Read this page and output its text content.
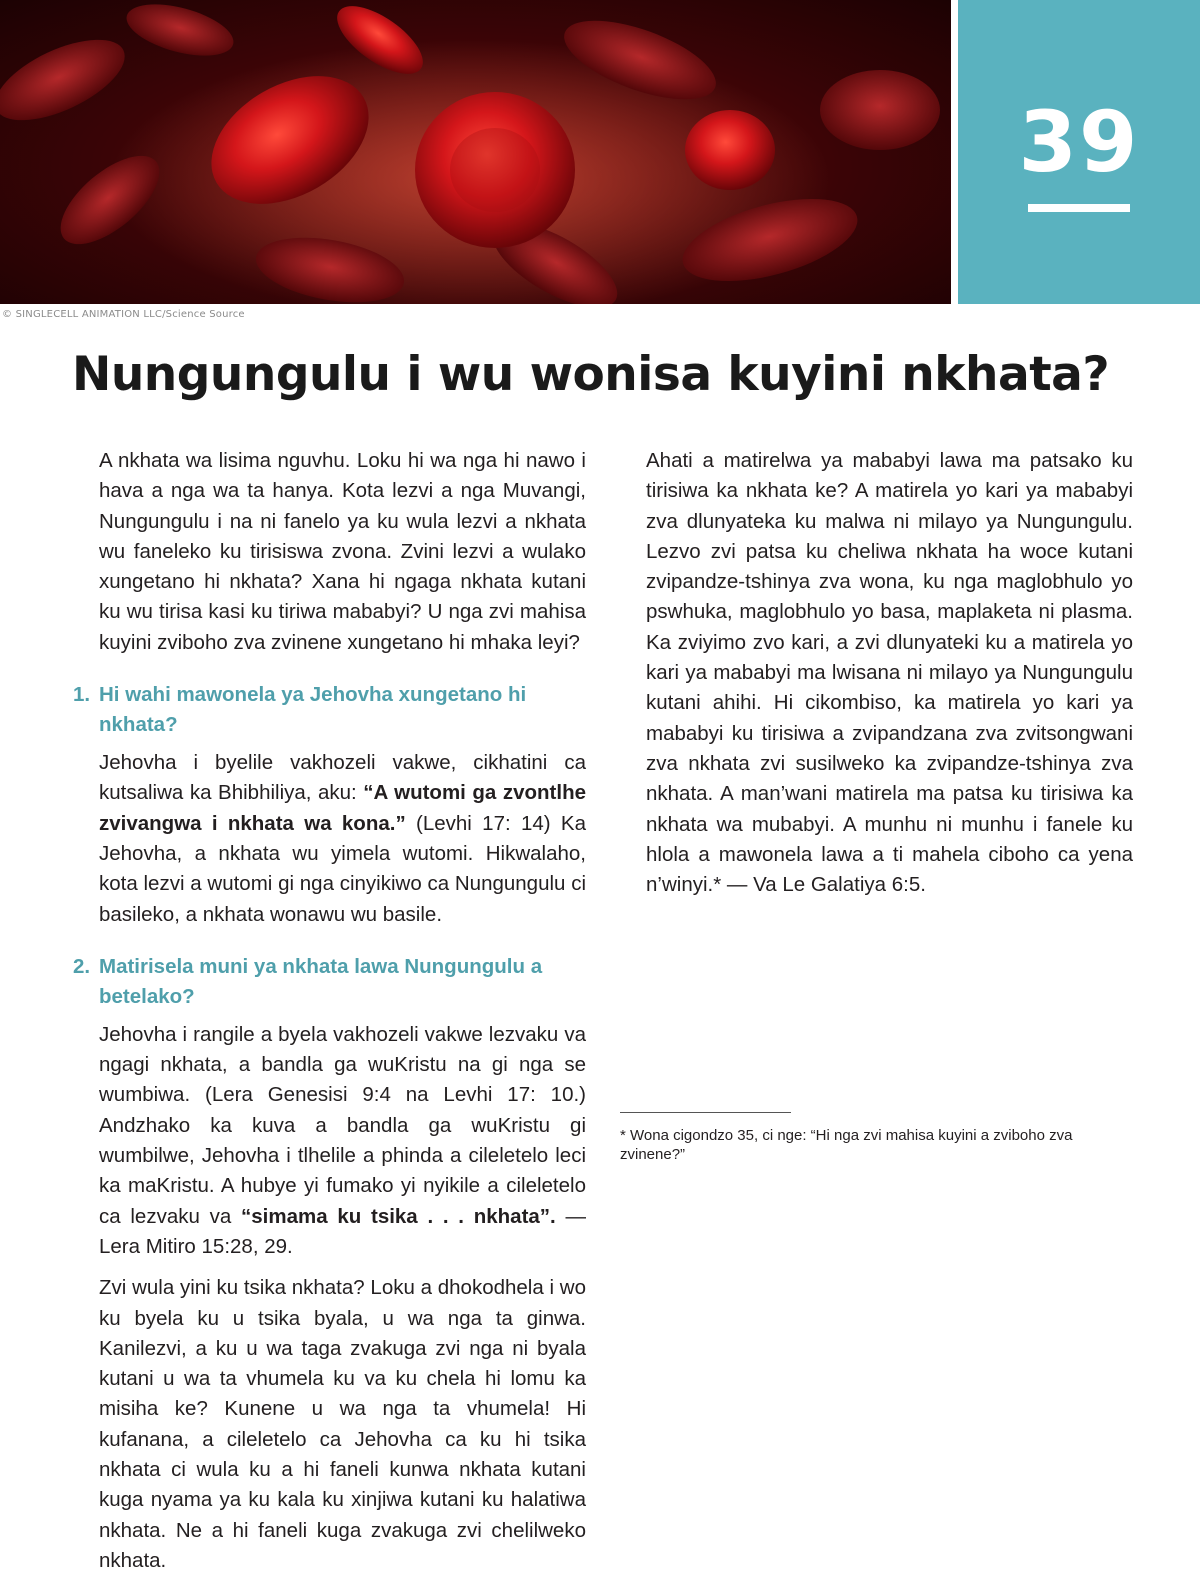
39
© SINGLECELL ANIMATION LLC/Science Source
Nungungulu i wu wonisa kuyini nkhata?

A nkhata wa lisima nguvhu. Loku hi wa nga hi nawo i hava a nga wa ta hanya. Kota lezvi a nga Muvangi, Nungungulu i na ni fanelo ya ku wula lezvi a nkhata wu faneleko ku tirisiswa zvona. Zvini lezvi a wulako xungetano hi nkhata? Xana hi ngaga nkhata kutani ku wu tirisa kasi ku tiriwa mababyi? U nga zvi mahisa kuyini zviboho zva zvinene xungetano hi mhaka leyi?

1. Hi wahi mawonela ya Jehovha xungetano hi nkhata?

Jehovha i byelile vakhozeli vakwe, cikhatini ca kutsaliwa ka Bhibhiliya, aku: “A wutomi ga zvontlhe zvivangwa i nkhata wa kona.” (Levhi 17: 14) Ka Jehovha, a nkhata wu yimela wutomi. Hikwalaho, kota lezvi a wutomi gi nga cinyikiwo ca Nungungulu ci basileko, a nkhata wonawu wu basile.

2. Matirisela muni ya nkhata lawa Nungungulu a betelako?

Jehovha i rangile a byela vakhozeli vakwe lezvaku va ngagi nkhata, a bandla ga wuKristu na gi nga se wumbiwa. (Lera Genesisi 9:4 na Levhi 17: 10.) Andzhako ka kuva a bandla ga wuKristu gi wumbilwe, Jehovha i tlhelile a phinda a cileletelo leci ka maKristu. A hubye yi fumako yi nyikile a cileletelo ca lezvaku va “simama ku tsika . . . nkhata”. — Lera Mitiro 15:28, 29.

Zvi wula yini ku tsika nkhata? Loku a dhokodhela i wo ku byela ku u tsika byala, u wa nga ta ginwa. Kanilezvi, a ku u wa taga zvakuga zvi nga ni byala kutani u wa ta vhumela ku va ku chela hi lomu ka misiha ke? Kunene u wa nga ta vhumela! Hi kufanana, a cileletelo ca Jehovha ca ku hi tsika nkhata ci wula ku a hi faneli kunwa nkhata kutani kuga nyama ya ku kala ku xinjiwa kutani ku halatiwa nkhata. Ne a hi faneli kuga zvakuga zvi chelilweko nkhata.

Ahati a matirelwa ya mababyi lawa ma patsako ku tirisiwa ka nkhata ke? A matirela yo kari ya mababyi zva dlunyateka ku malwa ni milayo ya Nungungulu. Lezvo zvi patsa ku cheliwa nkhata ha woce kutani zvipandze-tshinya zva wona, ku nga maglobhulo yo pswhuka, maglobhulo yo basa, maplaketa ni plasma. Ka zviyimo zvo kari, a zvi dlunyateki ku a matirela yo kari ya mababyi ma lwisana ni milayo ya Nungungulu kutani ahihi. Hi cikombiso, ka matirela yo kari ya mababyi ku tirisiwa a zvipandzana zva zvitsongwani zva nkhata zvi susilweko ka zvipandze-tshinya zva nkhata. A man’wani matirela ma patsa ku tirisiwa ka nkhata wa mubabyi. A munhu ni munhu i fanele ku hlola a mawonela lawa a ti mahela ciboho ca yena n’winyi.* — Va Le Galatiya 6:5.

* Wona cigondzo 35, ci nge: “Hi nga zvi mahisa kuyini a zviboho zva zvinene?”
